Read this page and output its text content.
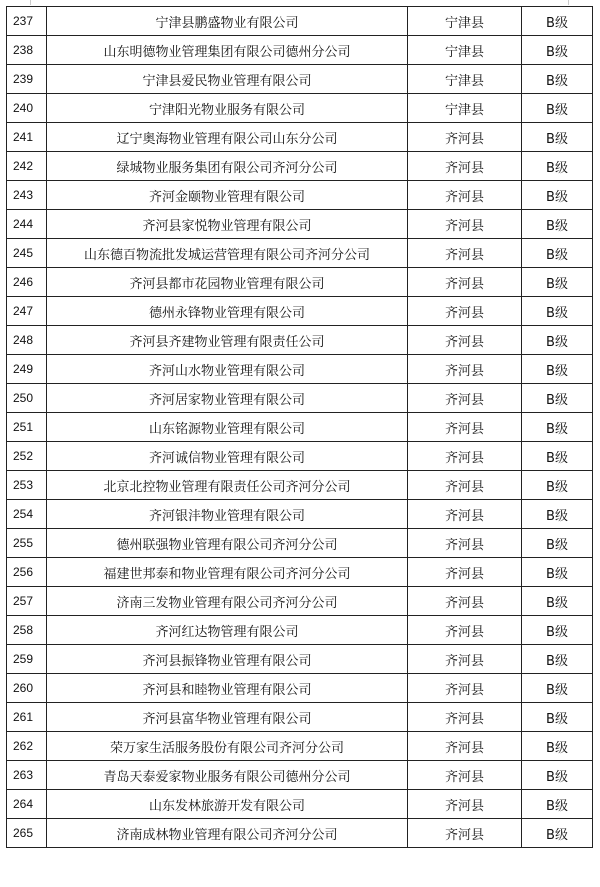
237	宁津县鹏盛物业有限公司	宁津县	B级
238	山东明德物业管理集团有限公司德州分公司	宁津县	B级
239	宁津县爱民物业管理有限公司	宁津县	B级
240	宁津阳光物业服务有限公司	宁津县	B级
241	辽宁奥海物业管理有限公司山东分公司	齐河县	B级
242	绿城物业服务集团有限公司齐河分公司	齐河县	B级
243	齐河金颐物业管理有限公司	齐河县	B级
244	齐河县家悦物业管理有限公司	齐河县	B级
245	山东德百物流批发城运营管理有限公司齐河分公司	齐河县	B级
246	齐河县都市花园物业管理有限公司	齐河县	B级
247	德州永锋物业管理有限公司	齐河县	B级
248	齐河县齐建物业管理有限责任公司	齐河县	B级
249	齐河山水物业管理有限公司	齐河县	B级
250	齐河居家物业管理有限公司	齐河县	B级
251	山东铭源物业管理有限公司	齐河县	B级
252	齐河诚信物业管理有限公司	齐河县	B级
253	北京北控物业管理有限责任公司齐河分公司	齐河县	B级
254	齐河银沣物业管理有限公司	齐河县	B级
255	德州联强物业管理有限公司齐河分公司	齐河县	B级
256	福建世邦泰和物业管理有限公司齐河分公司	齐河县	B级
257	济南三发物业管理有限公司齐河分公司	齐河县	B级
258	齐河红达物管理有限公司	齐河县	B级
259	齐河县振锋物业管理有限公司	齐河县	B级
260	齐河县和睦物业管理有限公司	齐河县	B级
261	齐河县富华物业管理有限公司	齐河县	B级
262	荣万家生活服务股份有限公司齐河分公司	齐河县	B级
263	青岛天泰爱家物业服务有限公司德州分公司	齐河县	B级
264	山东发林旅游开发有限公司	齐河县	B级
265	济南成林物业管理有限公司齐河分公司	齐河县	B级
